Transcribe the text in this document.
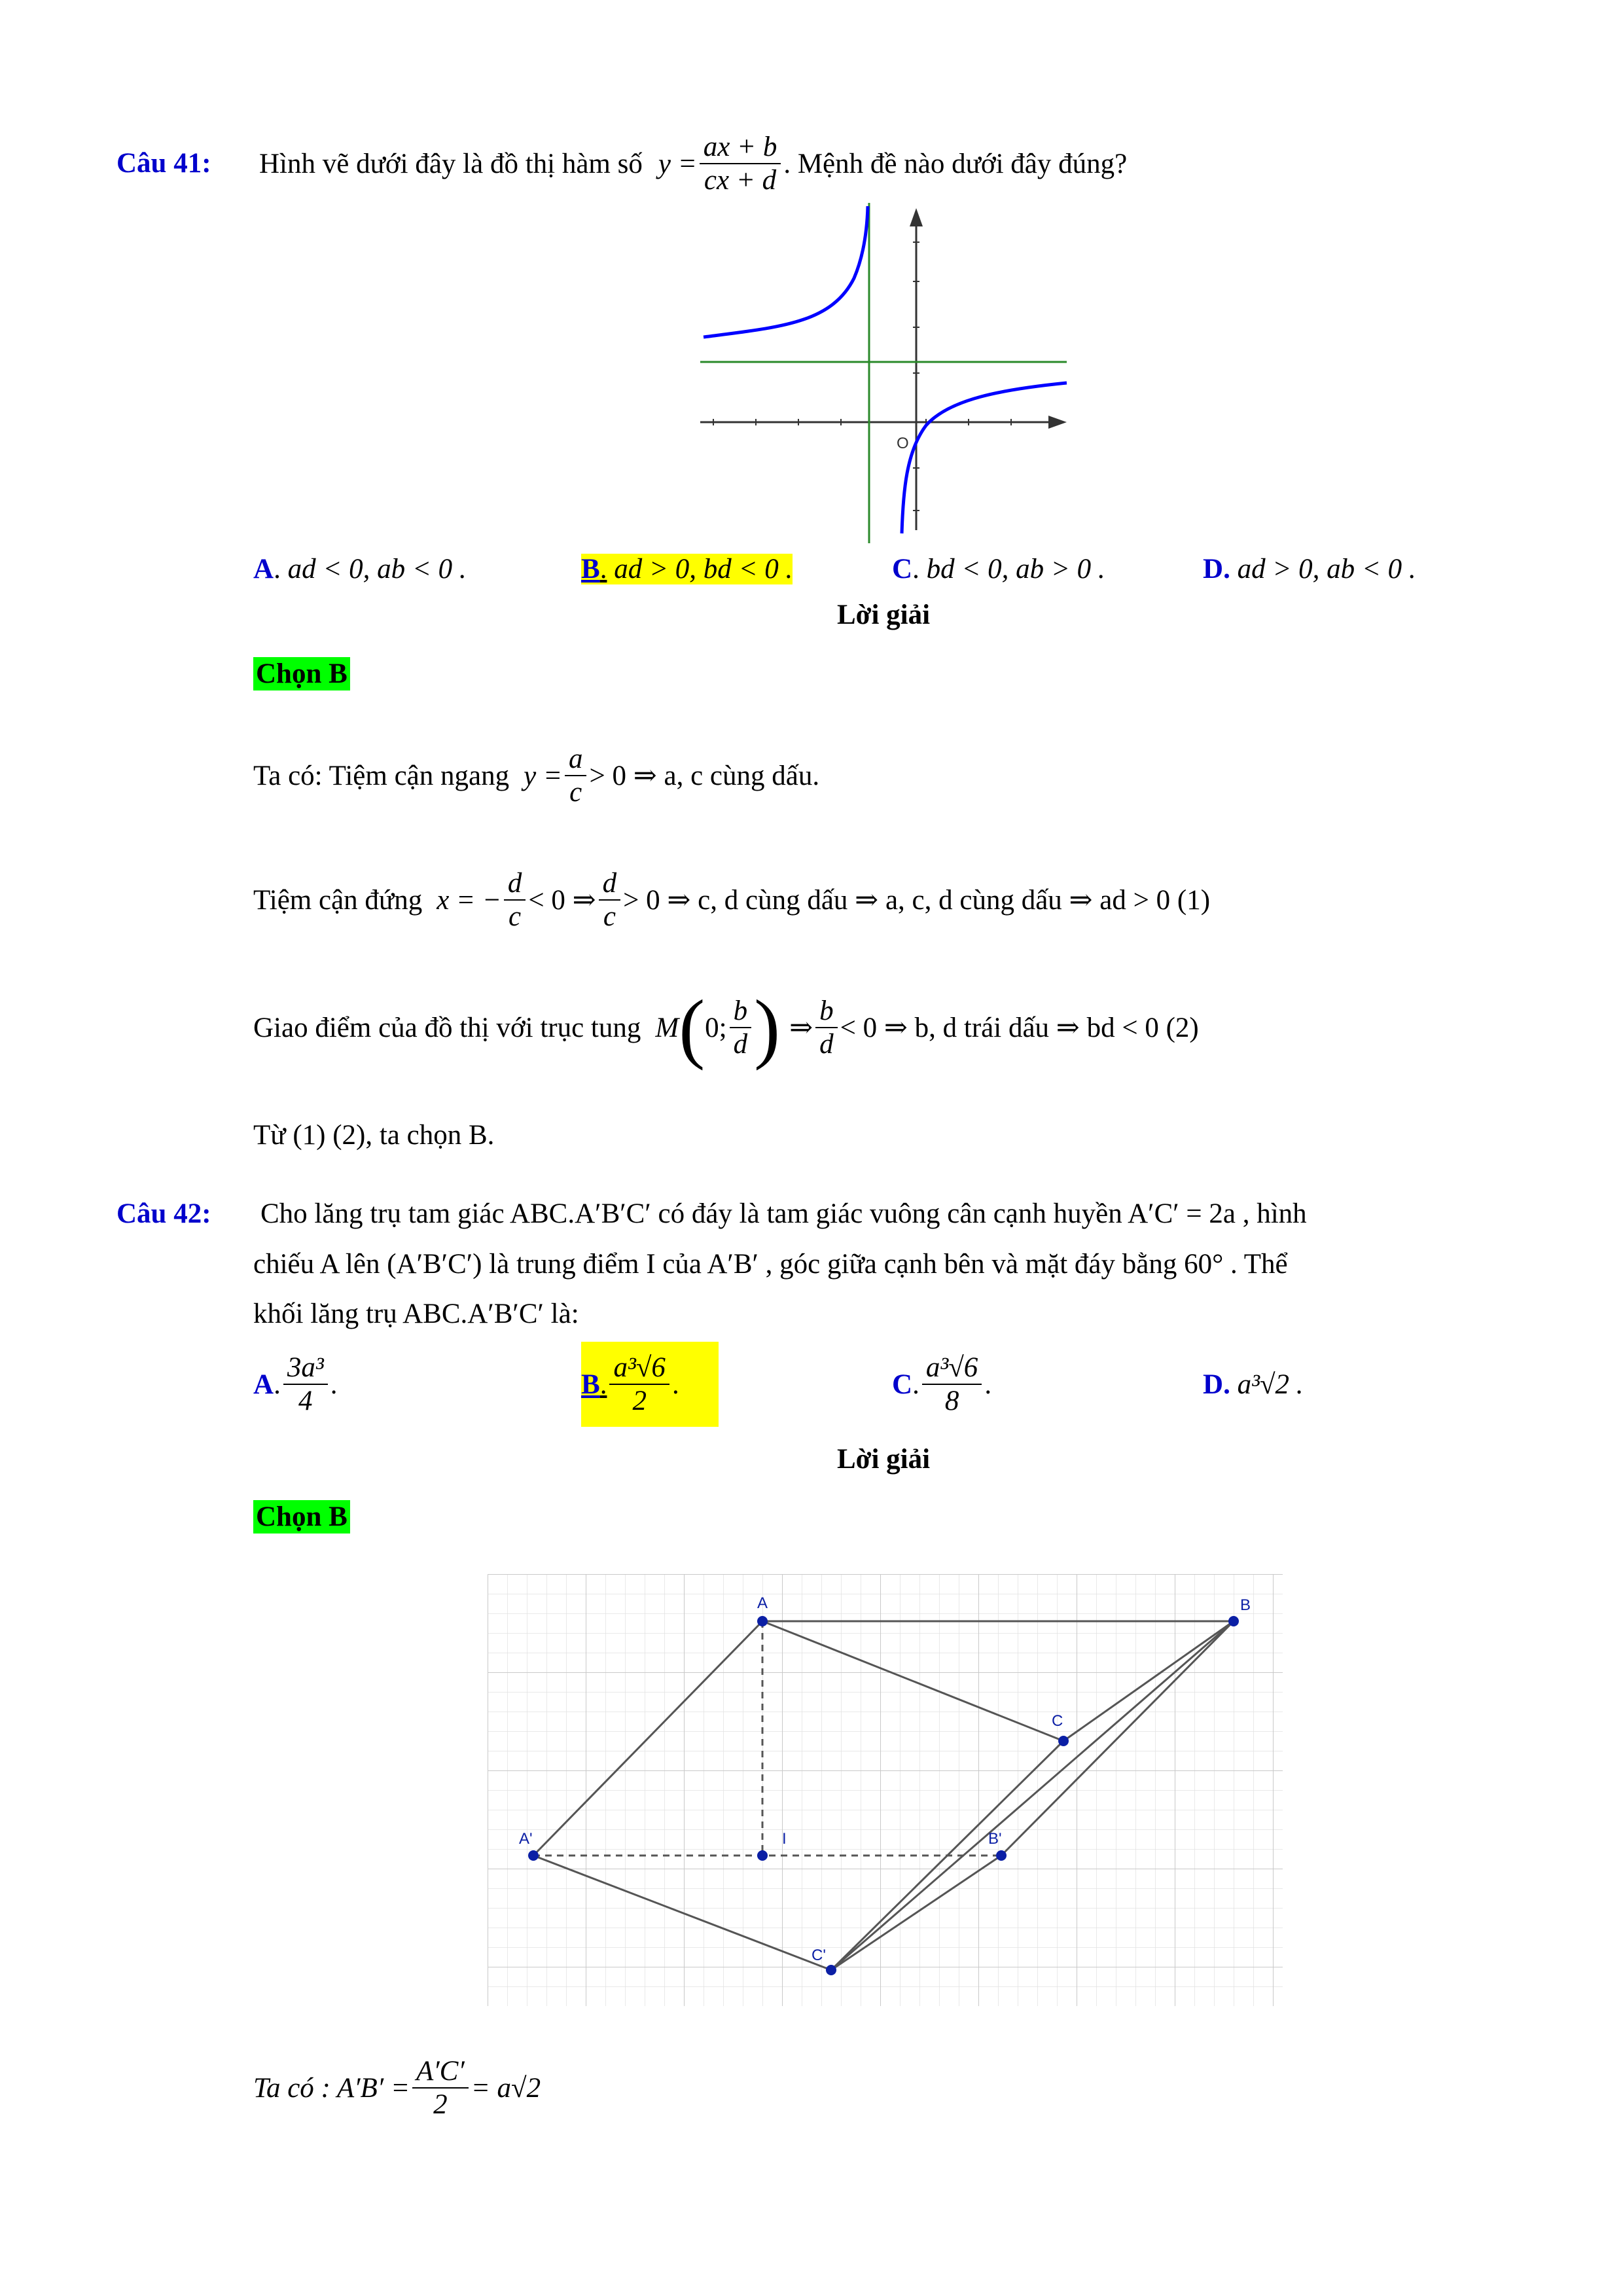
Câu 41: Hình vẽ dưới đây là đồ thị hàm số $y = \frac{ax + b}{cx + d}$ . Mệnh đề nào dưới đây đúng?
O
A. ad < 0, ab < 0 .	B. ad > 0, bd < 0 .	C. bd < 0, ab > 0 .	D. ad > 0, ab < 0 .
Lời giải
Chọn B
Ta có: Tiệm cận ngang $y = \frac{a}{c} > 0$ ⇒ a, c cùng dấu.
Tiệm cận đứng x = − $\frac{d}{c} < 0$ ⇒ $\frac{d}{c} > 0$ ⇒ c, d cùng dấu ⇒ a, c, d cùng dấu ⇒ ad > 0 (1)
Giao điểm của đồ thị với trục tung M ( 0; $\frac{b}{d}$ ) ⇒ $\frac{b}{d} < 0$ ⇒ b, d trái dấu ⇒ bd < 0 (2)
Từ (1) (2), ta chọn B.
Câu 42: Cho lăng trụ tam giác ABC.A′B′C′ có đáy là tam giác vuông cân cạnh huyền A′C′ = 2a , hình
chiếu A lên (A′B′C′) là trung điểm I của A′B′ , góc giữa cạnh bên và mặt đáy bằng 60° . Thể
khối lăng trụ ABC.A′B′C′ là:
A . $\frac{\text{3a³}}{4}$ .	B . $\frac{\text{a³√6}}{2}$ .	C . $\frac{\text{a³√6}}{8}$ .	D . a³√2 .
Lời giải
Chọn B
A	B
C
A'	I	B'
C'
Ta có : $A'B' = \frac{A'C'}{2} = a√2$
